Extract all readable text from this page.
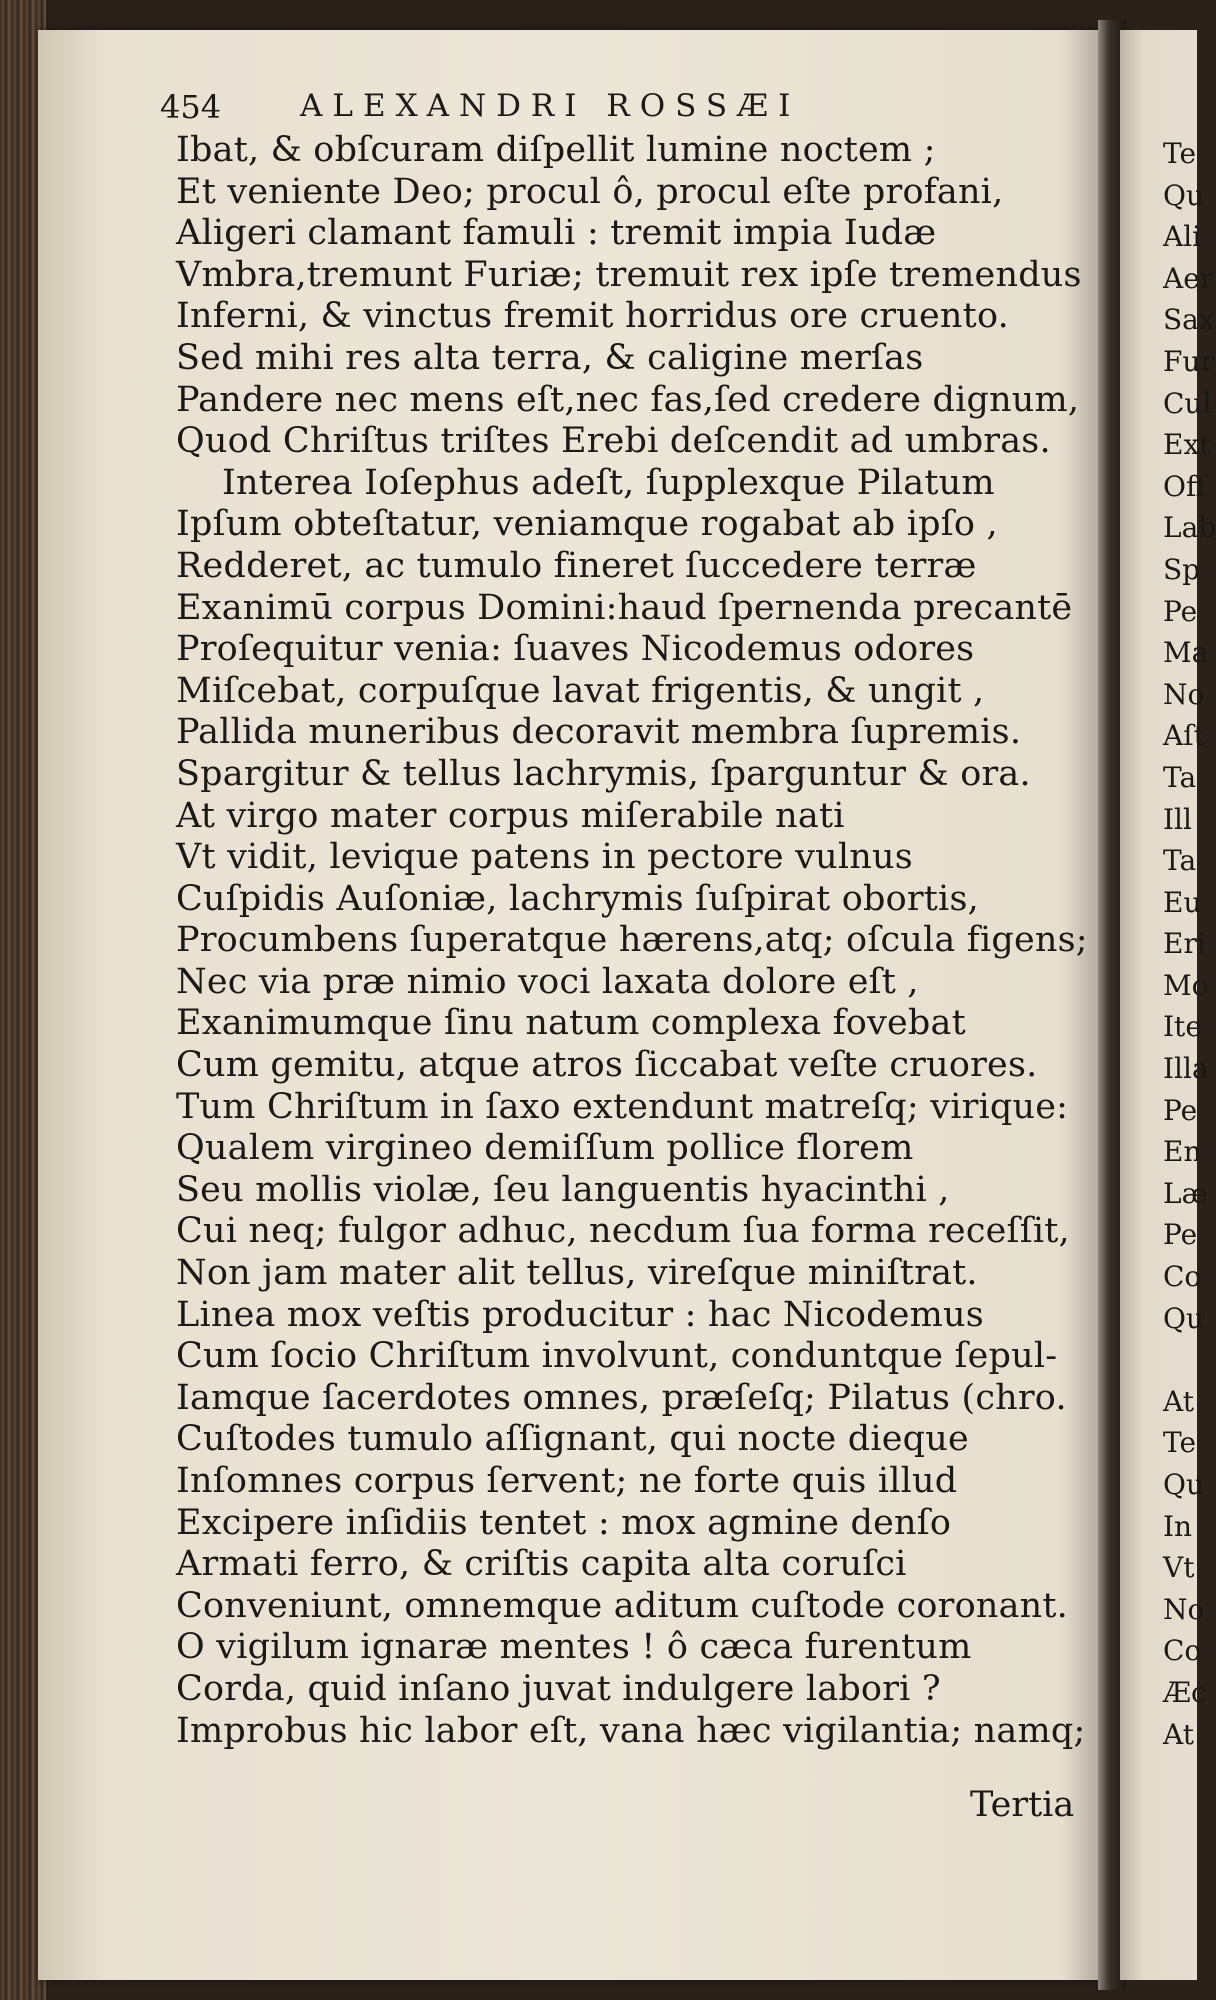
454	ALEXANDRI ROSSÆI
Ibat, & obſcuram diſpellit lumine noctem ;
Et veniente Deo; procul ô, procul eſte profani,
Aligeri clamant famuli : tremit impia Iudæ
Vmbra,tremunt Furiæ; tremuit rex ipſe tremendus
Inferni, & vinctus fremit horridus ore cruento.
Sed mihi res alta terra, & caligine merſas
Pandere nec mens eſt,nec fas,ſed credere dignum,
Quod Chriſtus triſtes Erebi deſcendit ad umbras.
Interea Ioſephus adeſt, ſupplexque Pilatum
Ipſum obteſtatur, veniamque rogabat ab ipſo ,
Redderet, ac tumulo fineret ſuccedere terræ
Exanimū corpus Domini:haud ſpernenda precantē
Proſequitur venia: ſuaves Nicodemus odores
Miſcebat, corpuſque lavat frigentis, & ungit ,
Pallida muneribus decoravit membra ſupremis.
Spargitur & tellus lachrymis, ſparguntur & ora.
At virgo mater corpus miſerabile nati
Vt vidit, levique patens in pectore vulnus
Cuſpidis Auſoniæ, lachrymis ſuſpirat obortis,
Procumbens ſuperatque hærens,atq; oſcula figens;
Nec via præ nimio voci laxata dolore eſt ,
Exanimumque ſinu natum complexa fovebat
Cum gemitu, atque atros ſiccabat veſte cruores.
Tum Chriſtum in ſaxo extendunt matreſq; virique:
Qualem virgineo demiſſum pollice florem
Seu mollis violæ, ſeu languentis hyacinthi ,
Cui neq; fulgor adhuc, necdum ſua forma receſſit,
Non jam mater alit tellus, vireſque miniſtrat.
Linea mox veſtis producitur : hac Nicodemus
Cum ſocio Chriſtum involvunt, conduntque ſepul-
Iamque ſacerdotes omnes, præſeſq; Pilatus (chro.
Cuſtodes tumulo aſſignant, qui nocte dieque
Inſomnes corpus ſervent; ne forte quis illud
Excipere inſidiis tentet : mox agmine denſo
Armati ferro, & criſtis capita alta coruſci
Conveniunt, omnemque aditum cuſtode coronant.
O vigilum ignaræ mentes ! ô cæca furentum
Corda, quid inſano juvat indulgere labori ?
Improbus hic labor eſt, vana hæc vigilantia; namq;
Tertia
Te
Qu
Ali
Aer
Sax
Fur
Cul
Ext
Off
Lab
Sp
Pe
Ma
No
Aſt
Ta
Ill
Ta
Eu
Eri
Mo
Ite
Illa
Pe
En
Læ
Pe
Co
Qu
At
Te
Qu
In
Vt
No
Co
Æc
At
